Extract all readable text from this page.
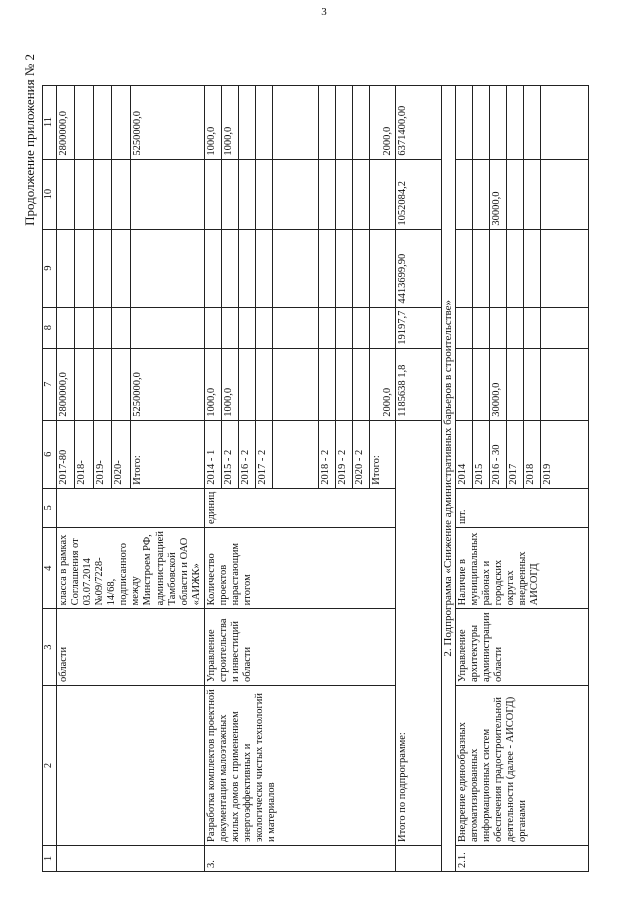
3
Продолжение приложения № 2
1	2	3	4	5	6	7	8	9	10	11
		области	класса в рамках Соглашения от 03.07.2014 №09/7228-14/68, подписанного между Минстроем РФ, администрацией Тамбовской области и ОАО «АИЖК»		2017-80	2800000,0				2800000,0
					2018-					
					2019-					
					2020-					
					Итого:	5250000,0				5250000,0
3.	Разработка комплектов проектной документации малоэтажных жилых домов с применением энергоэффективных и экологически чистых технологий и материалов	Управление строительства и инвестиций области	Количество проектов нарастающим итогом	единиц	2014 - 1	1000,0				1000,0
					2015 - 2	1000,0				1000,0
					2016 - 2					
					2017 - 2					

					2018 - 2					
					2019 - 2					
					2020 - 2					
					Итого:	2000,0				2000,0
	Итого по подпрограмме:					1185638 1,8	19197,7	4413699,90	1052084,2	6371400,00
2. Подпрограмма «Снижение административных барьеров в строительстве»										
2.1.	Внедрение единообразных автоматизированных информационных систем обеспечения градостроительной деятельности (далее - АИСОГД) органами	Управление архитектуры администрации области	Наличие в муниципальных районах и городских округах внедренных АИСОГД	шт.	2014					
					2015					
					2016 - 30	30000,0			30000,0	
					2017					
					2018					
					2019					
